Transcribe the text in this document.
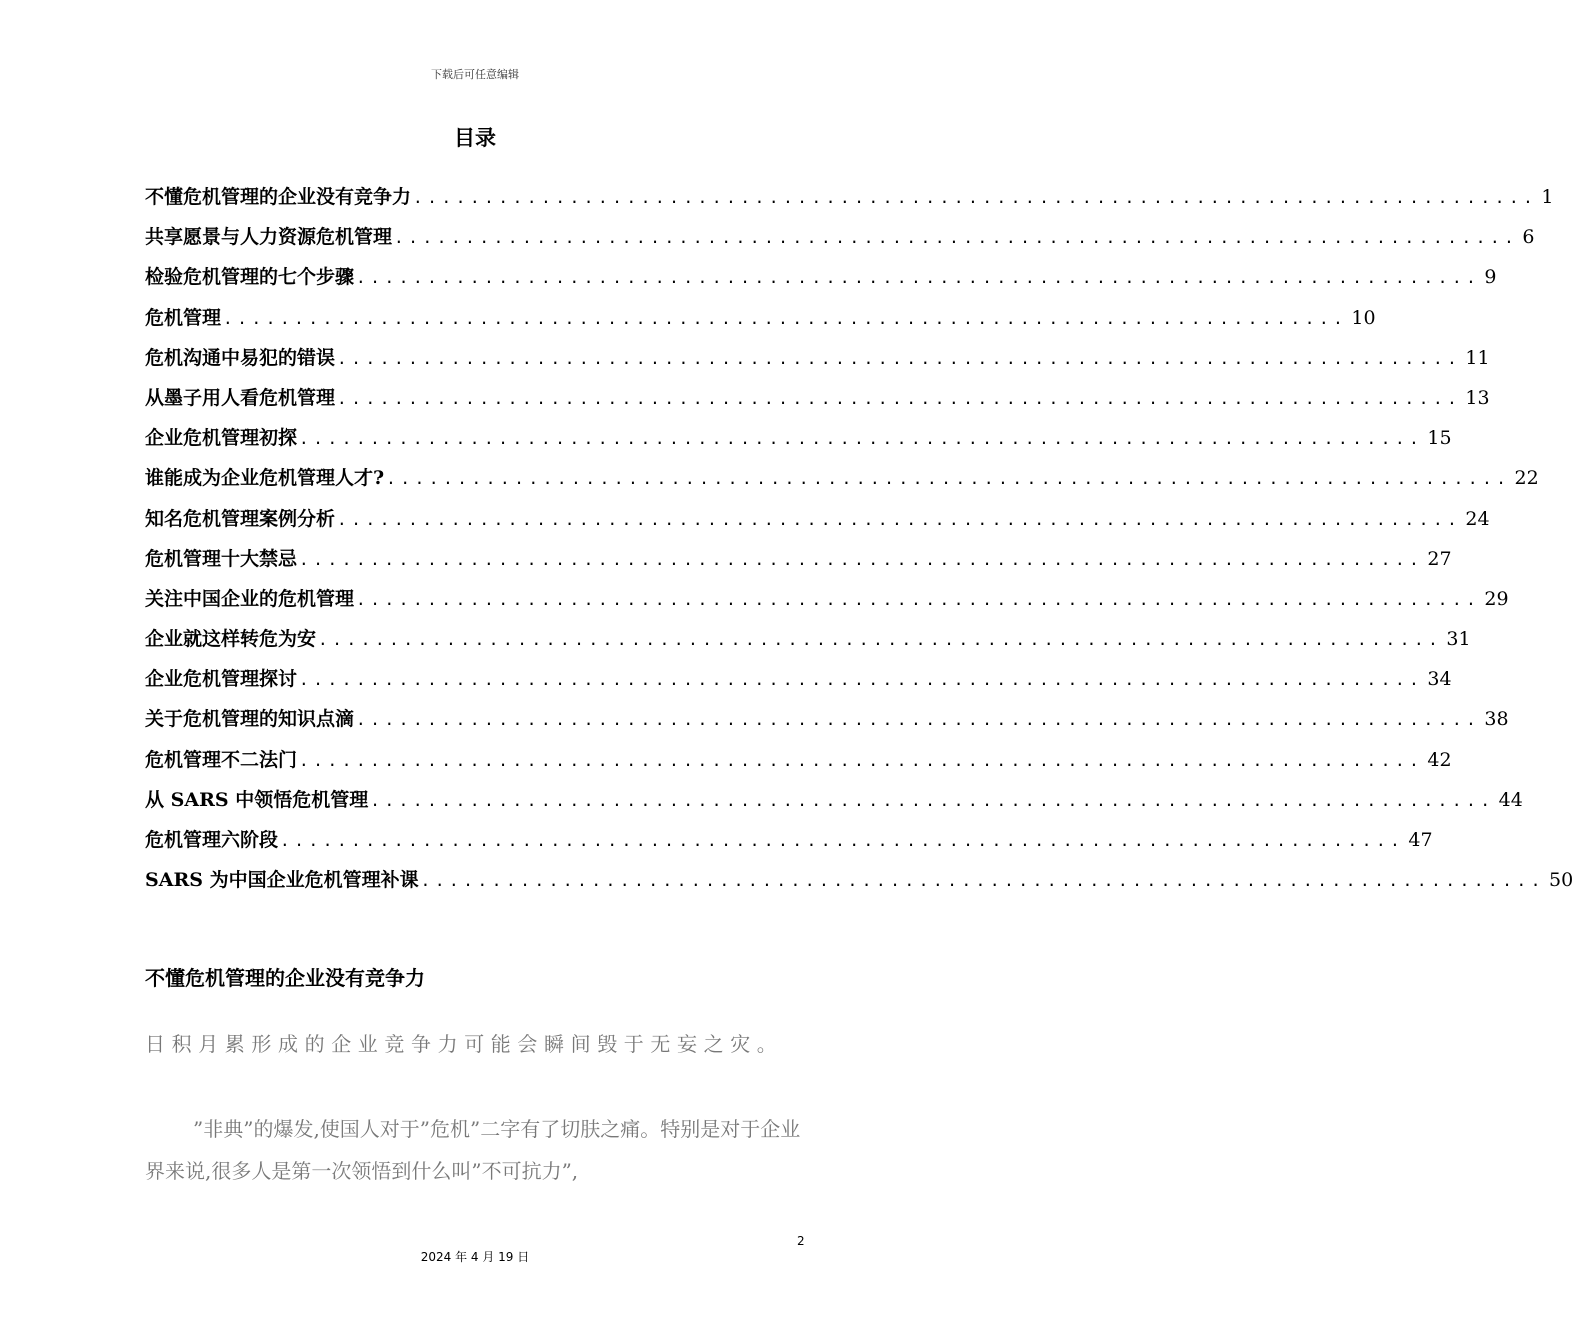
下载后可任意编辑
目录
不懂危机管理的企业没有竞争力 ............................................................................... 1
共享愿景与人力资源危机管理 ............................................................................... 6
检验危机管理的七个步骤 ............................................................................... 9
危机管理 ............................................................................... 10
危机沟通中易犯的错误 ............................................................................... 11
从墨子用人看危机管理 ............................................................................... 13
企业危机管理初探 ............................................................................... 15
谁能成为企业危机管理人才? ............................................................................... 22
知名危机管理案例分析 ............................................................................... 24
危机管理十大禁忌 ............................................................................... 27
关注中国企业的危机管理 ............................................................................... 29
企业就这样转危为安 ............................................................................... 31
企业危机管理探讨 ............................................................................... 34
关于危机管理的知识点滴 ............................................................................... 38
危机管理不二法门 ............................................................................... 42
从 SARS 中领悟危机管理 ............................................................................... 44
危机管理六阶段 ............................................................................... 47
SARS 为中国企业危机管理补课 ............................................................................... 50
不懂危机管理的企业没有竞争力
日积月累形成的企业竞争力可能会瞬间毁于无妄之灾。

”非典”的爆发,使国人对于”危机”二字有了切肤之痛。特别是对于企业界来说,很多人是第一次领悟到什么叫”不可抗力”,

2
2024 年 4 月 19 日
